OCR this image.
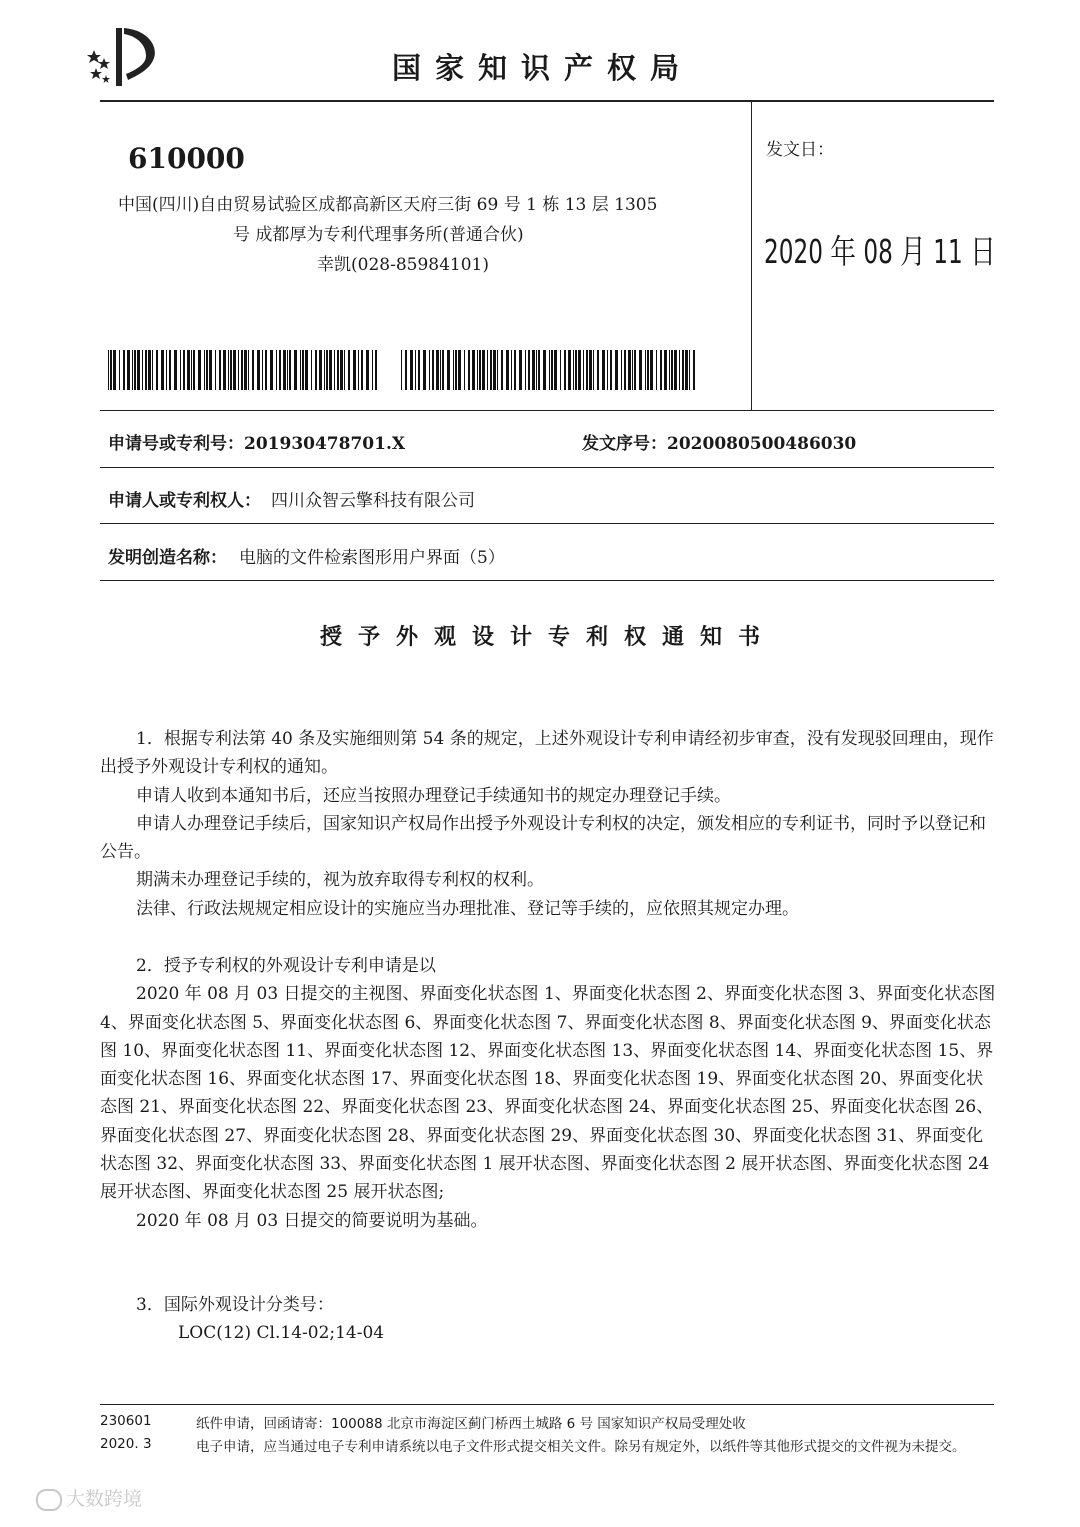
国家知识产权局
610000
中国(四川)自由贸易试验区成都高新区天府三街 69 号 1 栋 13 层 1305
号 成都厚为专利代理事务所(普通合伙)
幸凯(028-85984101)
发文日：
2020 年 08 月 11 日
申请号或专利号：201930478701.X	发文序号：2020080500486030
申请人或专利权人： 四川众智云擎科技有限公司
发明创造名称： 电脑的文件检索图形用户界面（5）
授予外观设计专利权通知书

1．根据专利法第 40 条及实施细则第 54 条的规定，上述外观设计专利申请经初步审查，没有发现驳回理由，现作出授予外观设计专利权的通知。

申请人收到本通知书后，还应当按照办理登记手续通知书的规定办理登记手续。

申请人办理登记手续后，国家知识产权局作出授予外观设计专利权的决定，颁发相应的专利证书，同时予以登记和公告。

期满未办理登记手续的，视为放弃取得专利权的权利。

法律、行政法规规定相应设计的实施应当办理批准、登记等手续的，应依照其规定办理。

2．授予专利权的外观设计专利申请是以

2020 年 08 月 03 日提交的主视图、界面变化状态图 1、界面变化状态图 2、界面变化状态图 3、界面变化状态图 4、界面变化状态图 5、界面变化状态图 6、界面变化状态图 7、界面变化状态图 8、界面变化状态图 9、界面变化状态图 10、界面变化状态图 11、界面变化状态图 12、界面变化状态图 13、界面变化状态图 14、界面变化状态图 15、界面变化状态图 16、界面变化状态图 17、界面变化状态图 18、界面变化状态图 19、界面变化状态图 20、界面变化状态图 21、界面变化状态图 22、界面变化状态图 23、界面变化状态图 24、界面变化状态图 25、界面变化状态图 26、界面变化状态图 27、界面变化状态图 28、界面变化状态图 29、界面变化状态图 30、界面变化状态图 31、界面变化状态图 32、界面变化状态图 33、界面变化状态图 1 展开状态图、界面变化状态图 2 展开状态图、界面变化状态图 24 展开状态图、界面变化状态图 25 展开状态图;

2020 年 08 月 03 日提交的简要说明为基础。

3．国际外观设计分类号：

LOC(12) Cl.14-02;14-04

230601	纸件申请，回函请寄：100088 北京市海淀区蓟门桥西土城路 6 号 国家知识产权局受理处收
2020. 3	电子申请，应当通过电子专利申请系统以电子文件形式提交相关文件。除另有规定外，以纸件等其他形式提交的文件视为未提交。
大数跨境
